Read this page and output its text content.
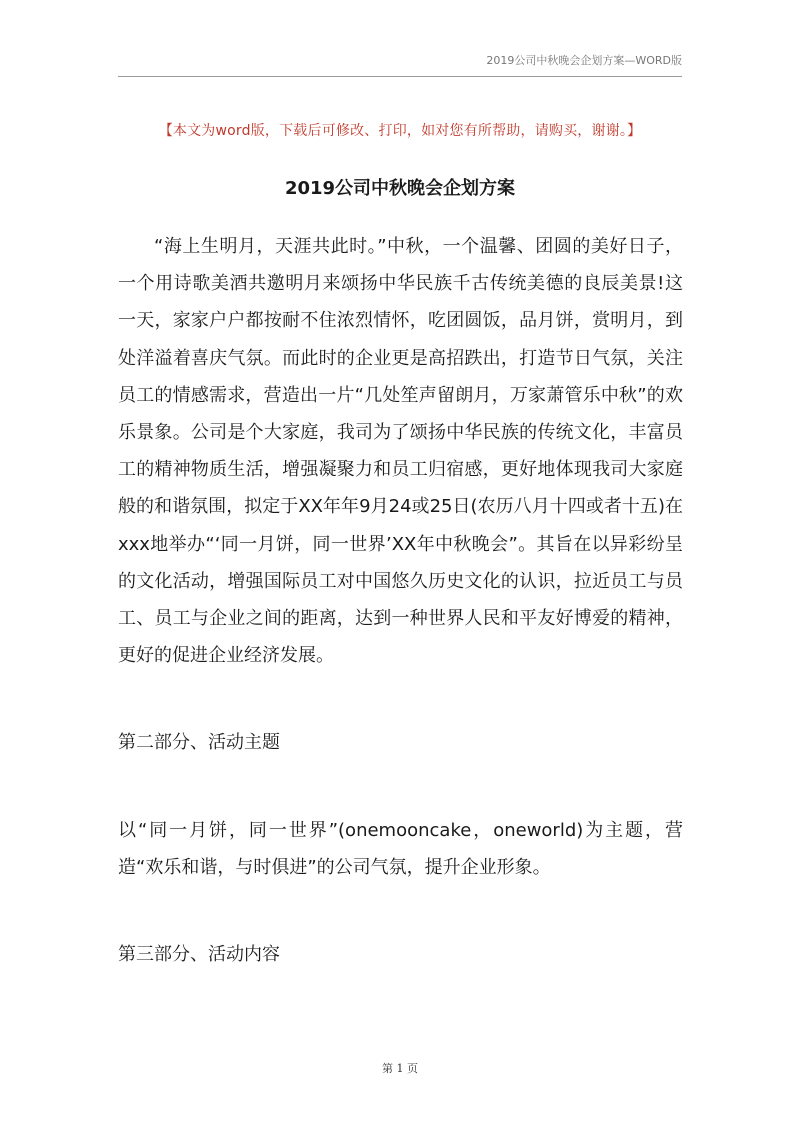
2019公司中秋晚会企划方案—WORD版
【本文为word版，下载后可修改、打印，如对您有所帮助，请购买，谢谢。】
2019公司中秋晚会企划方案

“海上生明月，天涯共此时。”中秋，一个温馨、团圆的美好日子，一个用诗歌美酒共邀明月来颂扬中华民族千古传统美德的良辰美景!这一天，家家户户都按耐不住浓烈情怀，吃团圆饭，品月饼，赏明月，到处洋溢着喜庆气氛。而此时的企业更是高招跌出，打造节日气氛，关注员工的情感需求，营造出一片“几处笙声留朗月，万家萧管乐中秋”的欢乐景象。公司是个大家庭，我司为了颂扬中华民族的传统文化，丰富员工的精神物质生活，增强凝聚力和员工归宿感，更好地体现我司大家庭般的和谐氛围，拟定于XX年年9月24或25日(农历八月十四或者十五)在xxx地举办“‘同一月饼，同一世界’XX年中秋晚会”。其旨在以异彩纷呈的文化活动，增强国际员工对中国悠久历史文化的认识，拉近员工与员工、员工与企业之间的距离，达到一种世界人民和平友好博爱的精神，更好的促进企业经济发展。

第二部分、活动主题

以“同一月饼，同一世界”(onemooncake，oneworld)为主题，营造“欢乐和谐，与时俱进”的公司气氛，提升企业形象。

第三部分、活动内容

第 1 页
